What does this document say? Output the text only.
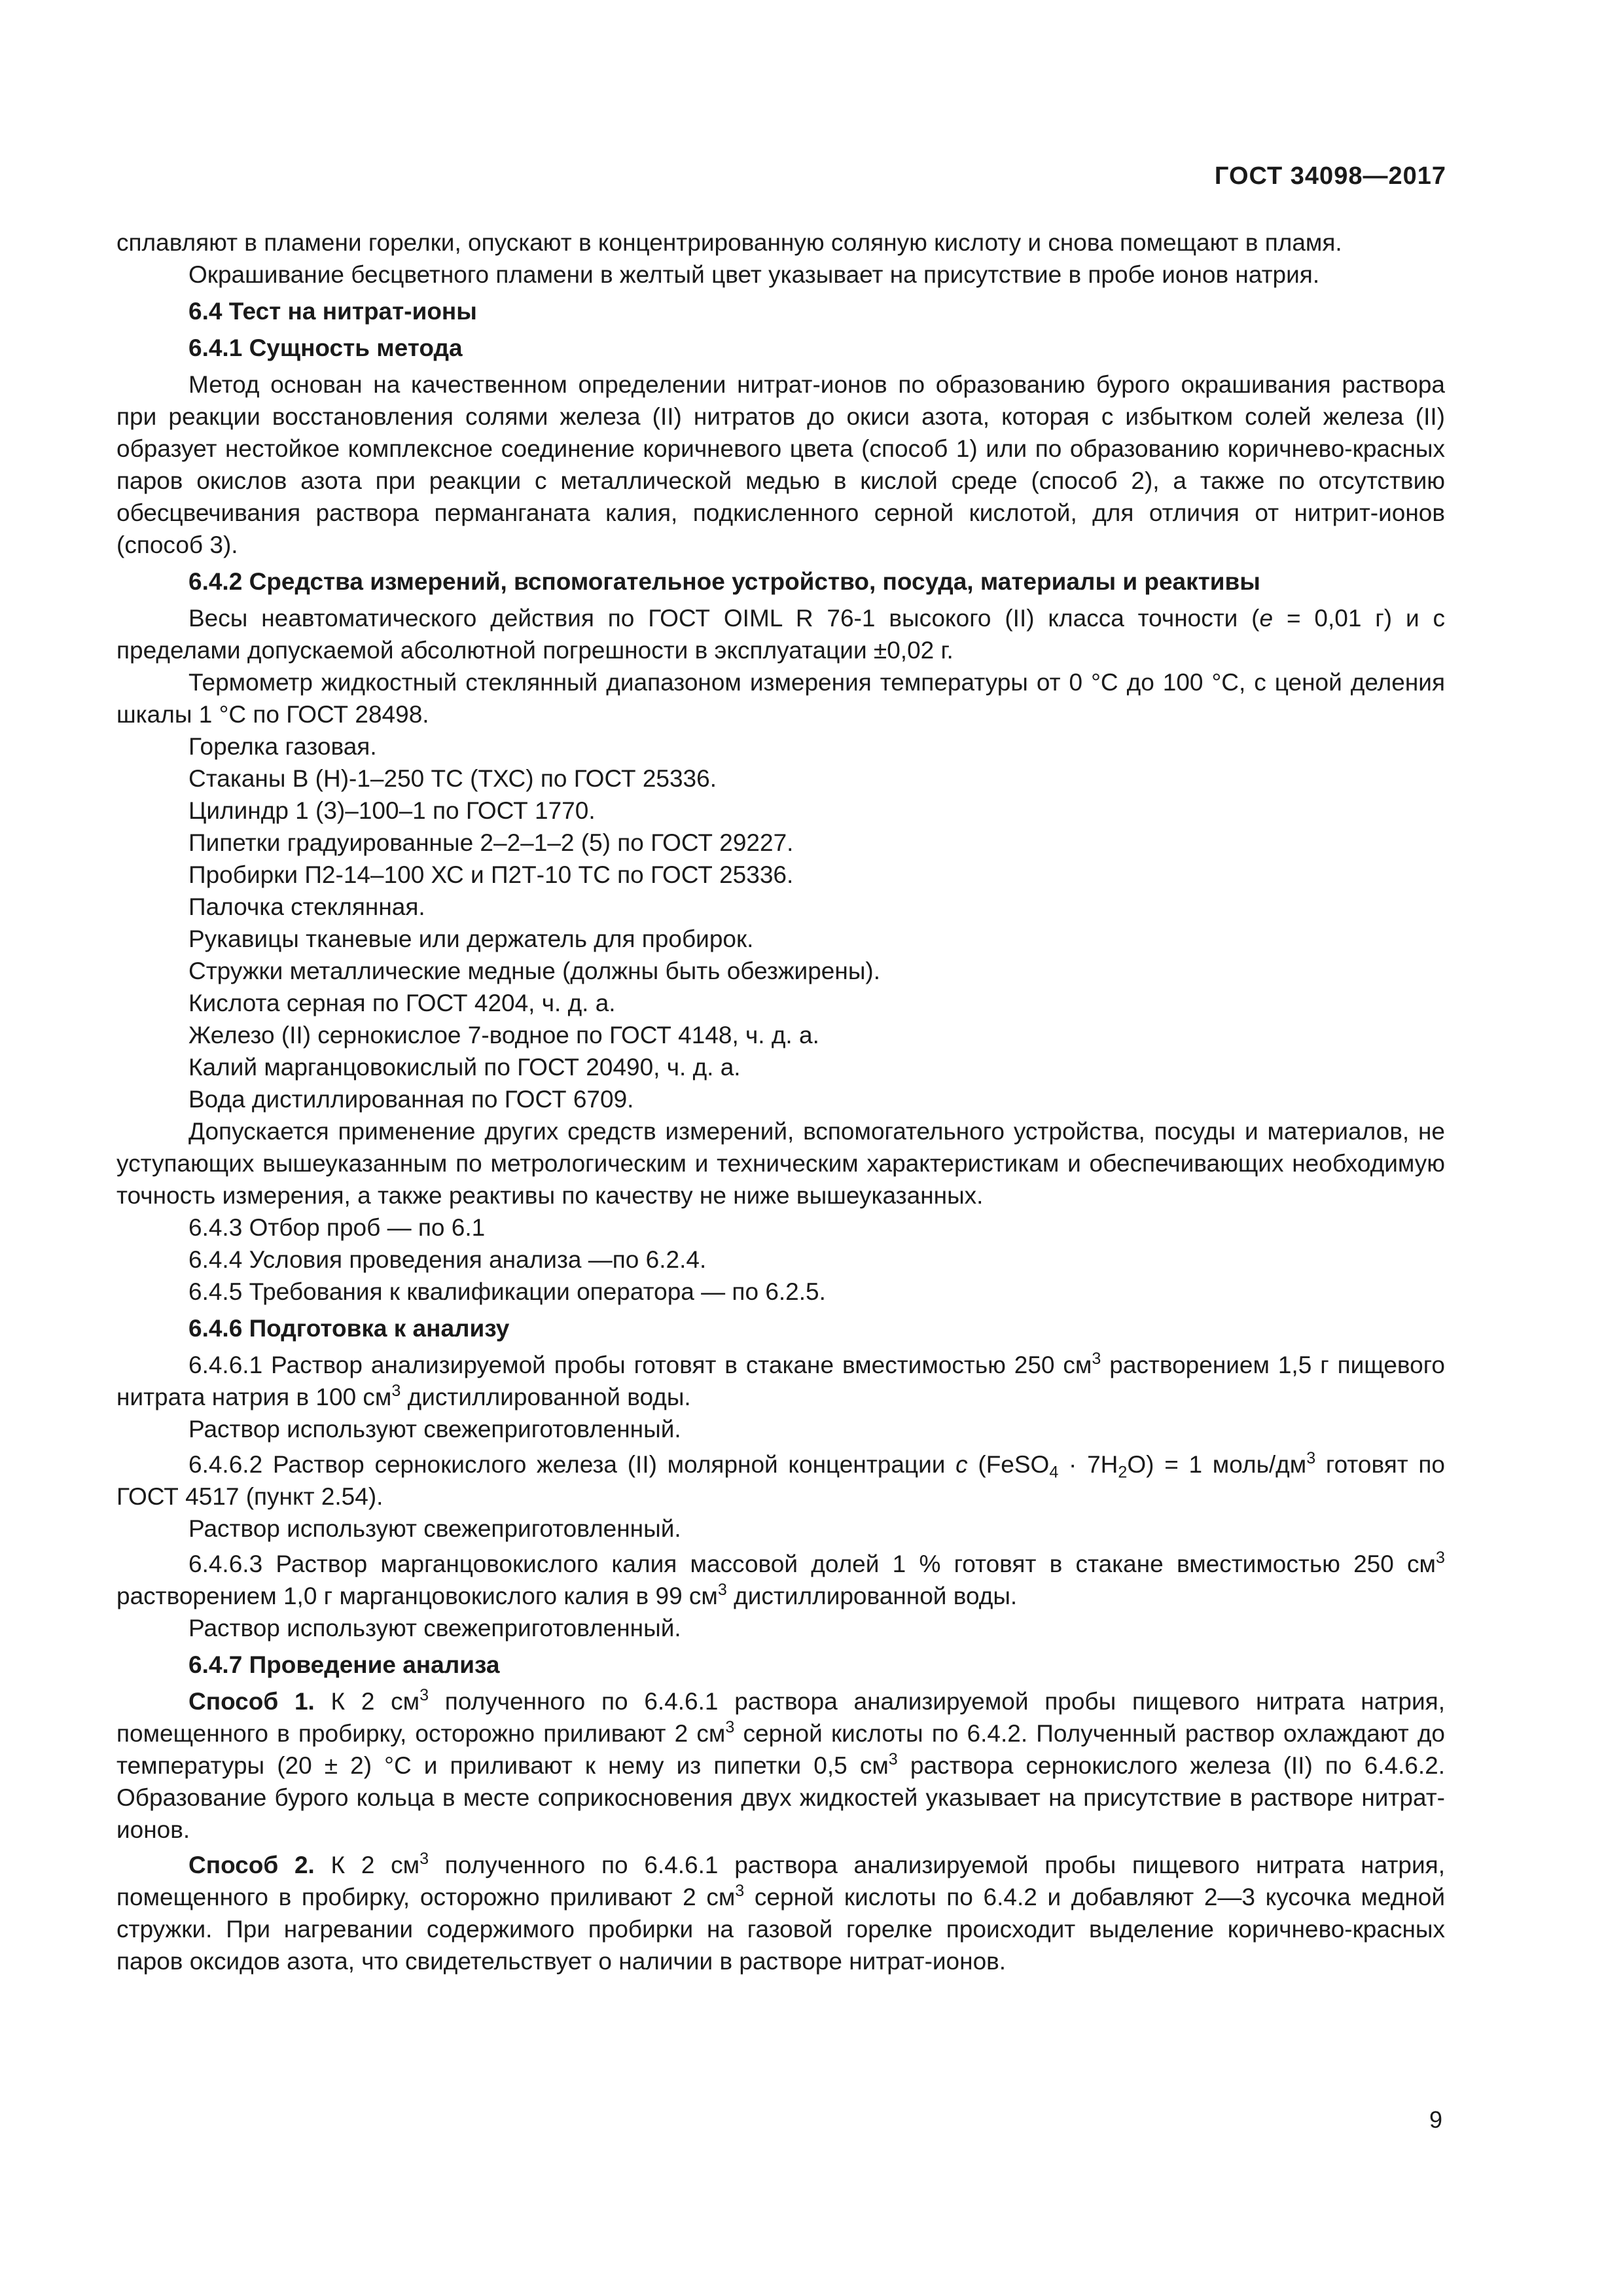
ГОСТ 34098—2017

сплавляют в пламени горелки, опускают в концентрированную соляную кислоту и снова помещают в пламя.

Окрашивание бесцветного пламени в желтый цвет указывает на присутствие в пробе ионов натрия.

6.4 Тест на нитрат-ионы

6.4.1 Сущность метода

Метод основан на качественном определении нитрат-ионов по образованию бурого окрашивания раствора при реакции восстановления солями железа (II) нитратов до окиси азота, которая с избытком солей железа (II) образует нестойкое комплексное соединение коричневого цвета (способ 1) или по образованию коричнево-красных паров окислов азота при реакции с металлической медью в кислой среде (способ 2), а также по отсутствию обесцвечивания раствора перманганата калия, подкисленного серной кислотой, для отличия от нитрит-ионов (способ 3).

6.4.2 Средства измерений, вспомогательное устройство, посуда, материалы и реактивы

Весы неавтоматического действия по ГОСТ OIML R 76-1 высокого (II) класса точности (e = 0,01 г) и с пределами допускаемой абсолютной погрешности в эксплуатации ±0,02 г.

Термометр жидкостный стеклянный диапазоном измерения температуры от 0 °С до 100 °С, с ценой деления шкалы 1 °С по ГОСТ 28498.

Горелка газовая.

Стаканы В (Н)-1–250 ТС (ТХС) по ГОСТ 25336.

Цилиндр 1 (3)–100–1 по ГОСТ 1770.

Пипетки градуированные 2–2–1–2 (5) по ГОСТ 29227.

Пробирки П2-14–100 ХС и П2Т-10 ТС по ГОСТ 25336.

Палочка стеклянная.

Рукавицы тканевые или держатель для пробирок.

Стружки металлические медные (должны быть обезжирены).

Кислота серная по ГОСТ 4204, ч. д. а.

Железо (II) сернокислое 7-водное по ГОСТ 4148, ч. д. а.

Калий марганцовокислый по ГОСТ 20490, ч. д. а.

Вода дистиллированная по ГОСТ 6709.

Допускается применение других средств измерений, вспомогательного устройства, посуды и материалов, не уступающих вышеуказанным по метрологическим и техническим характеристикам и обеспечивающих необходимую точность измерения, а также реактивы по качеству не ниже вышеуказанных.

6.4.3 Отбор проб — по 6.1

6.4.4 Условия проведения анализа —по 6.2.4.

6.4.5 Требования к квалификации оператора — по 6.2.5.

6.4.6 Подготовка к анализу

6.4.6.1 Раствор анализируемой пробы готовят в стакане вместимостью 250 $см^3$ растворением 1,5 г пищевого нитрата натрия в 100 $см^3$ дистиллированной воды.

Раствор используют свежеприготовленный.

6.4.6.2 Раствор сернокислого железа (II) молярной концентрации c (FeSO$_4$ · $7H_2O) = 1$ моль/$дм^3$ готовят по ГОСТ 4517 (пункт 2.54).

Раствор используют свежеприготовленный.

6.4.6.3 Раствор марганцовокислого калия массовой долей 1 % готовят в стакане вместимостью 250 $см^3$ растворением 1,0 г марганцовокислого калия в 99 $см^3$ дистиллированной воды.

Раствор используют свежеприготовленный.

6.4.7 Проведение анализа

Способ 1. К 2 $см^3$ полученного по 6.4.6.1 раствора анализируемой пробы пищевого нитрата натрия, помещенного в пробирку, осторожно приливают 2 $см^3$ серной кислоты по 6.4.2. Полученный раствор охлаждают до температуры (20 ± 2) °С и приливают к нему из пипетки 0,5 $см^3$ раствора сернокислого железа (II) по 6.4.6.2. Образование бурого кольца в месте соприкосновения двух жидкостей указывает на присутствие в растворе нитрат-ионов.

Способ 2. К 2 $см^3$ полученного по 6.4.6.1 раствора анализируемой пробы пищевого нитрата натрия, помещенного в пробирку, осторожно приливают 2 $см^3$ серной кислоты по 6.4.2 и добавляют 2—3 кусочка медной стружки. При нагревании содержимого пробирки на газовой горелке происходит выделение коричнево-красных паров оксидов азота, что свидетельствует о наличии в растворе нитрат-ионов.

9
